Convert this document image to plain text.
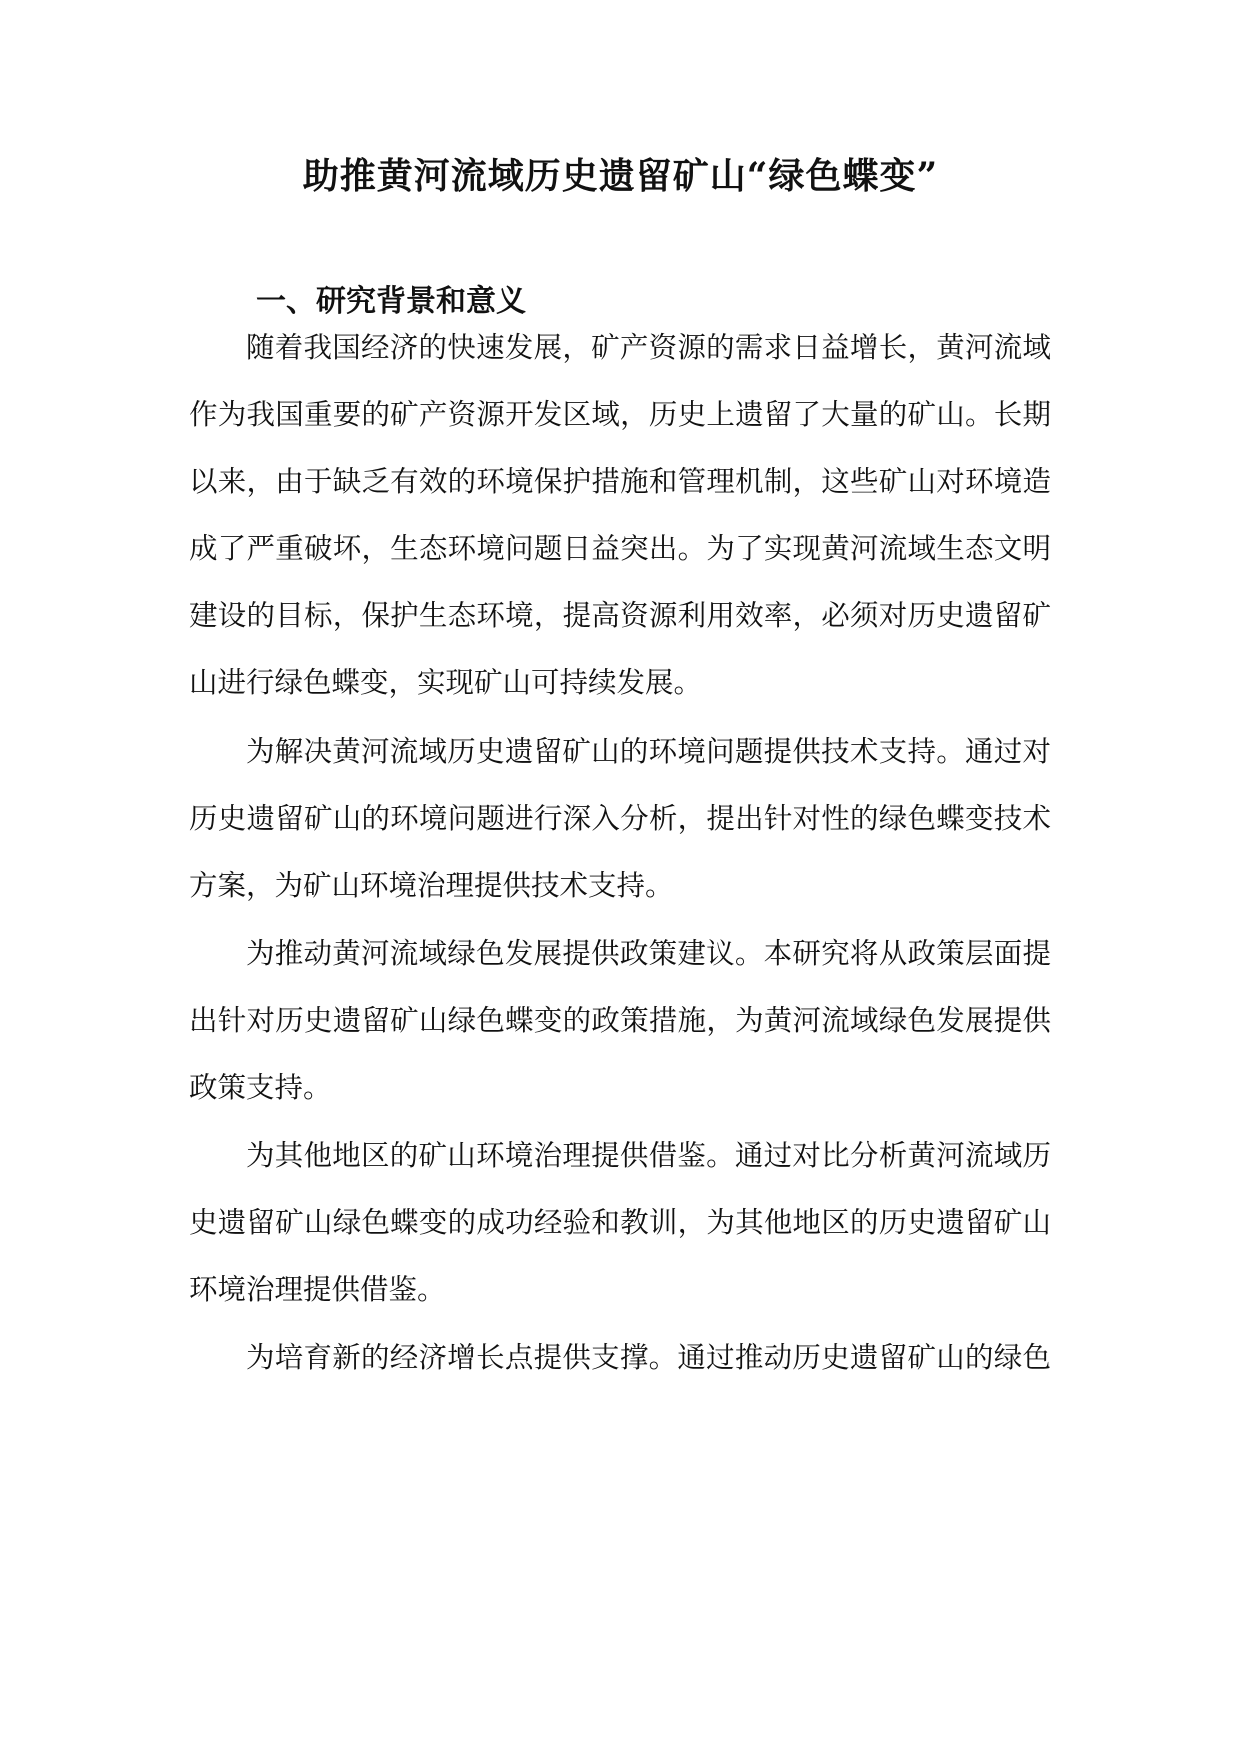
助推黄河流域历史遗留矿山“绿色蝶变”
一、研究背景和意义
随着我国经济的快速发展，矿产资源的需求日益增长，黄河流域
作为我国重要的矿产资源开发区域，历史上遗留了大量的矿山。长期
以来，由于缺乏有效的环境保护措施和管理机制，这些矿山对环境造
成了严重破坏，生态环境问题日益突出。为了实现黄河流域生态文明
建设的目标，保护生态环境，提高资源利用效率，必须对历史遗留矿
山进行绿色蝶变，实现矿山可持续发展。
为解决黄河流域历史遗留矿山的环境问题提供技术支持。通过对
历史遗留矿山的环境问题进行深入分析，提出针对性的绿色蝶变技术
方案，为矿山环境治理提供技术支持。
为推动黄河流域绿色发展提供政策建议。本研究将从政策层面提
出针对历史遗留矿山绿色蝶变的政策措施，为黄河流域绿色发展提供
政策支持。
为其他地区的矿山环境治理提供借鉴。通过对比分析黄河流域历
史遗留矿山绿色蝶变的成功经验和教训，为其他地区的历史遗留矿山
环境治理提供借鉴。
为培育新的经济增长点提供支撑。通过推动历史遗留矿山的绿色
